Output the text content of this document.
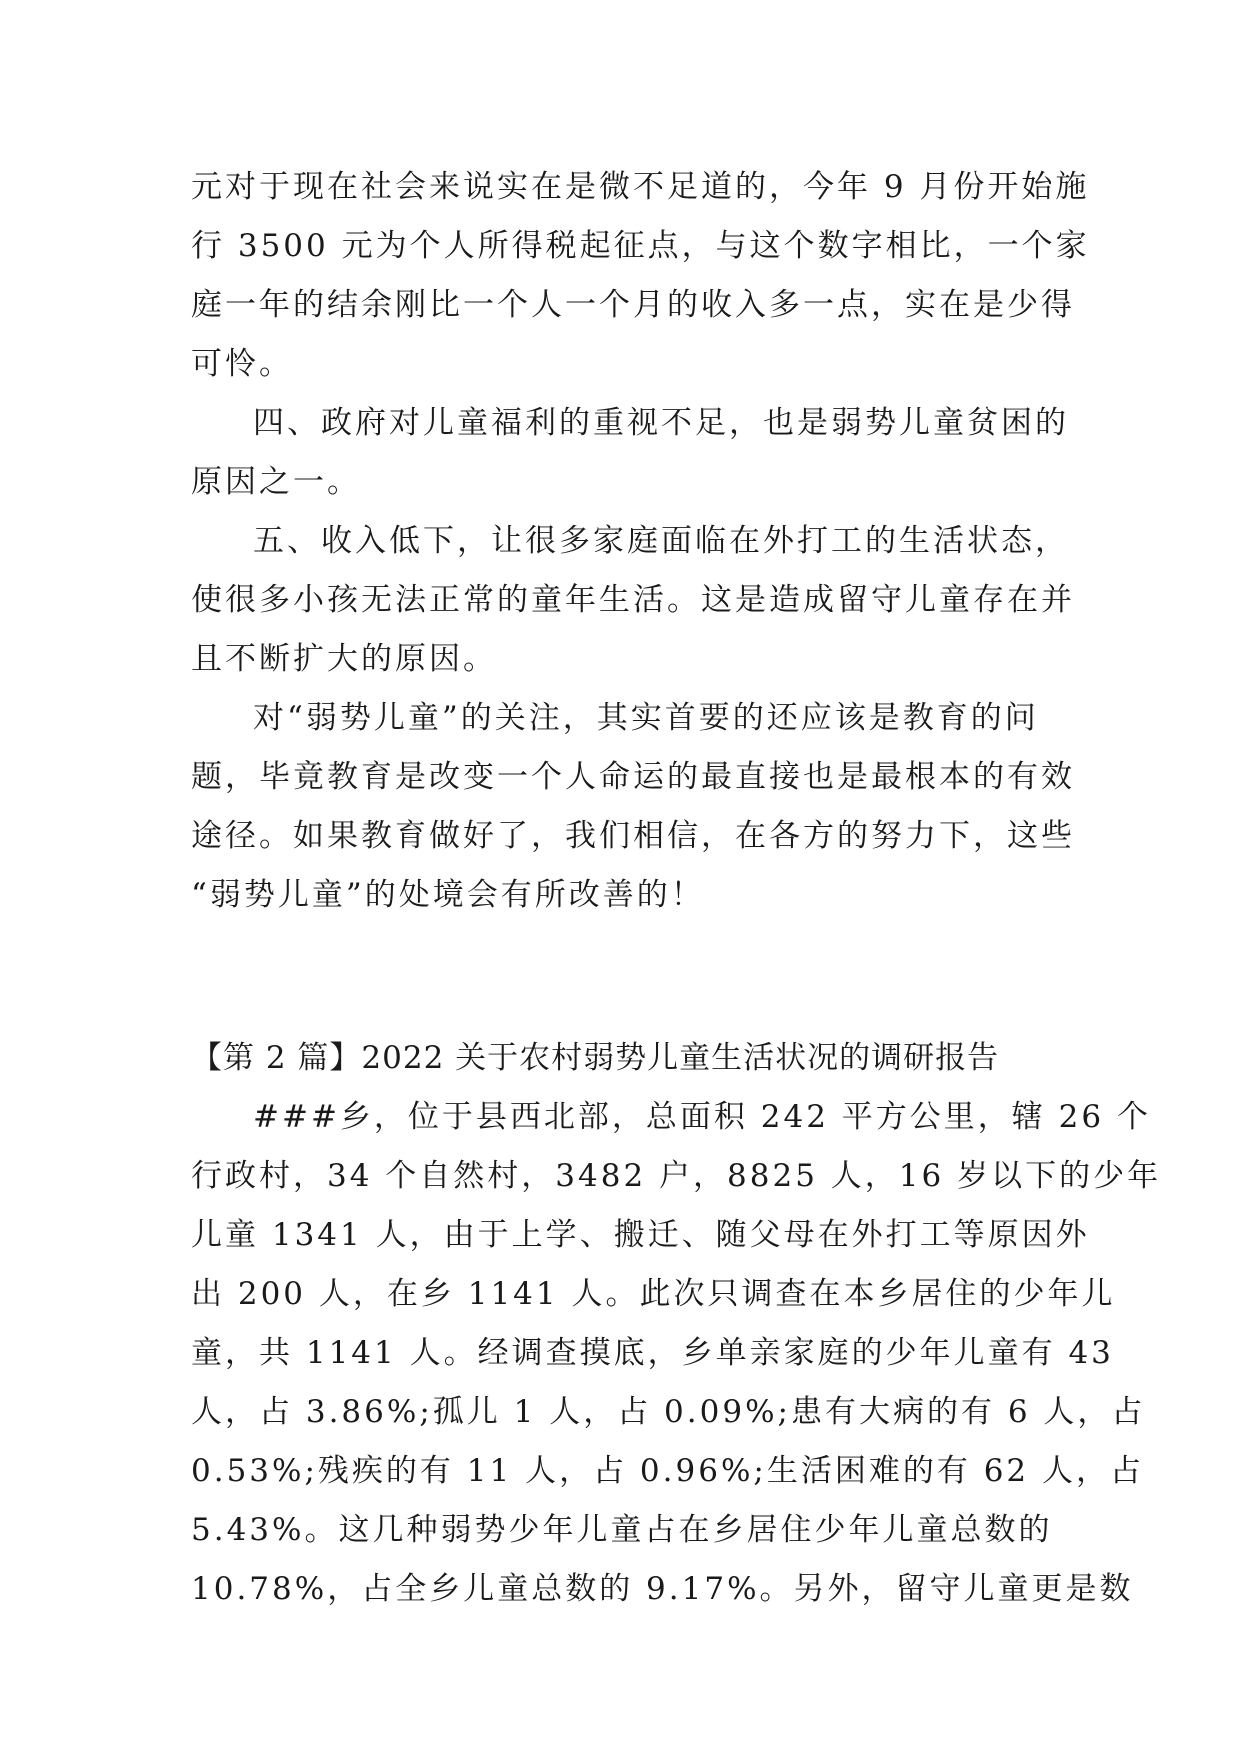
元对于现在社会来说实在是微不足道的，今年 9 月份开始施
行 3500 元为个人所得税起征点，与这个数字相比，一个家
庭一年的结余刚比一个人一个月的收入多一点，实在是少得
可怜。
四、政府对儿童福利的重视不足，也是弱势儿童贫困的
原因之一。
五、收入低下，让很多家庭面临在外打工的生活状态，
使很多小孩无法正常的童年生活。这是造成留守儿童存在并
且不断扩大的原因。
对“弱势儿童”的关注，其实首要的还应该是教育的问
题，毕竟教育是改变一个人命运的最直接也是最根本的有效
途径。如果教育做好了，我们相信，在各方的努力下，这些
“弱势儿童”的处境会有所改善的！
【第 2 篇】2022 关于农村弱势儿童生活状况的调研报告
###乡，位于县西北部，总面积 242 平方公里，辖 26 个
行政村，34 个自然村，3482 户，8825 人，16 岁以下的少年
儿童 1341 人，由于上学、搬迁、随父母在外打工等原因外
出 200 人，在乡 1141 人。此次只调查在本乡居住的少年儿
童，共 1141 人。经调查摸底，乡单亲家庭的少年儿童有 43
人，占 3.86%;孤儿 1 人，占 0.09%;患有大病的有 6 人，占
0.53%;残疾的有 11 人，占 0.96%;生活困难的有 62 人，占
5.43%。这几种弱势少年儿童占在乡居住少年儿童总数的
10.78%，占全乡儿童总数的 9.17%。另外，留守儿童更是数
